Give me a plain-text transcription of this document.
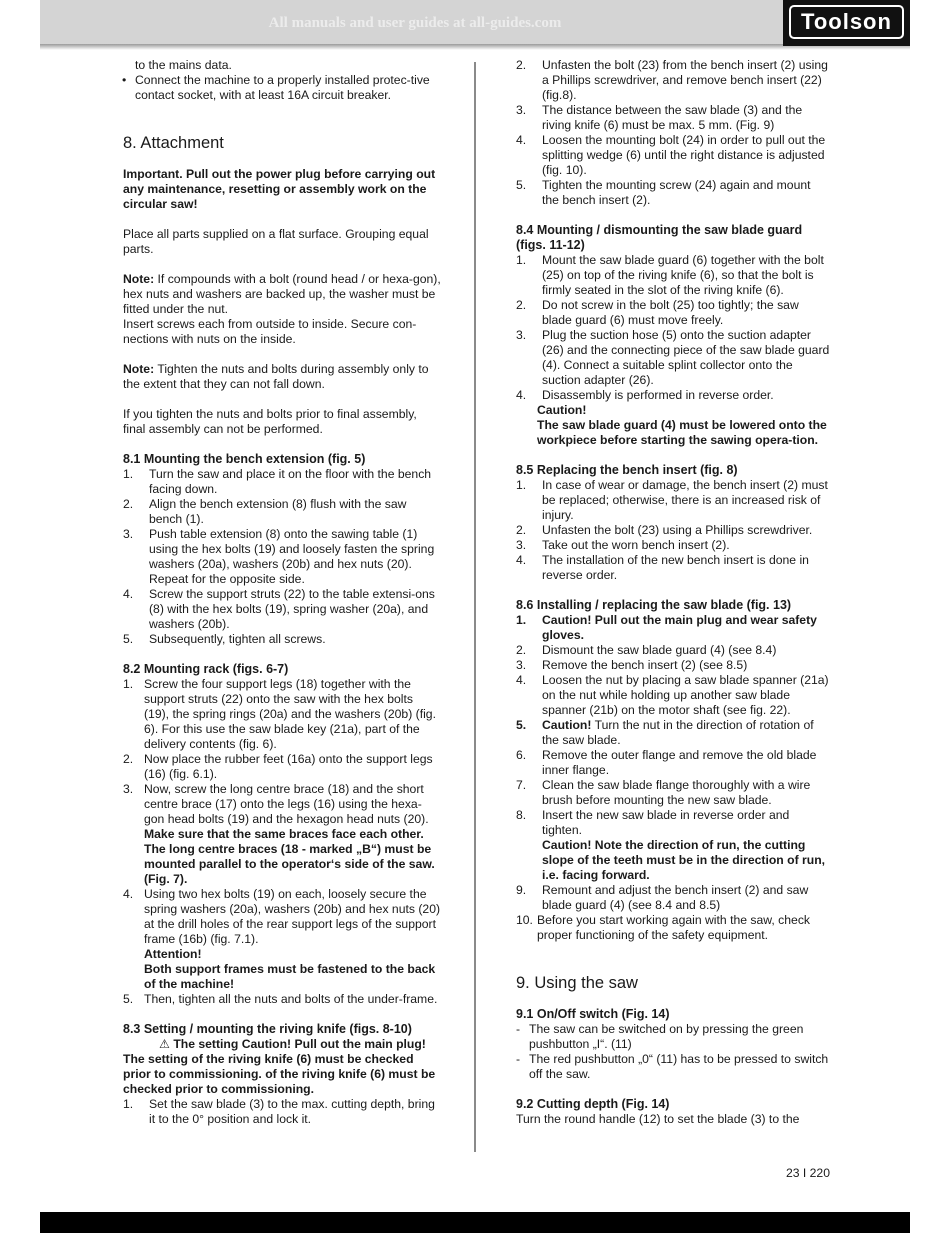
All manuals and user guides at all-guides.com	Toolson

to the mains data.

• Connect the machine to a properly installed protec-tive contact socket, with at least 16A circuit breaker.
8. Attachment

Important. Pull out the power plug before carrying out any maintenance, resetting or assembly work on the circular saw!

Place all parts supplied on a flat surface. Grouping equal parts.

Note: If compounds with a bolt (round head / or hexa-gon), hex nuts and washers are backed up, the washer must be fitted under the nut.

Insert screws each from outside to inside. Secure con-nections with nuts on the inside.

Note: Tighten the nuts and bolts during assembly only to the extent that they can not fall down.

If you tighten the nuts and bolts prior to final assembly, final assembly can not be performed.

8.1 Mounting the bench extension (fig. 5)
1. Turn the saw and place it on the floor with the bench facing down.
2. Align the bench extension (8) flush with the saw bench (1).
3. Push table extension (8) onto the sawing table (1) using the hex bolts (19) and loosely fasten the spring washers (20a), washers (20b) and hex nuts (20). Repeat for the opposite side.
4. Screw the support struts (22) to the table extensi-ons (8) with the hex bolts (19), spring washer (20a), and washers (20b).
5. Subsequently, tighten all screws.
8.2 Mounting rack (figs. 6-7)
1. Screw the four support legs (18) together with the support struts (22) onto the saw with the hex bolts (19), the spring rings (20a) and the washers (20b) (fig. 6). For this use the saw blade key (21a), part of the delivery contents (fig. 6).
2. Now place the rubber feet (16a) onto the support legs (16) (fig. 6.1).
3. Now, screw the long centre brace (18) and the short centre brace (17) onto the legs (16) using the hexa-gon head bolts (19) and the hexagon head nuts (20).
Make sure that the same braces face each other. The long centre braces (18 - marked „B“) must be mounted parallel to the operator‘s side of the saw. (Fig. 7).
4. Using two hex bolts (19) on each, loosely secure the spring washers (20a), washers (20b) and hex nuts (20) at the drill holes of the rear support legs of the support frame (16b) (fig. 7.1).
Attention!
Both support frames must be fastened to the back of the machine!
5. Then, tighten all the nuts and bolts of the under-frame.
8.3 Setting / mounting the riving knife (figs. 8-10)

⚠ The setting Caution! Pull out the main plug!

The setting of the riving knife (6) must be checked prior to commissioning. of the riving knife (6) must be checked prior to commissioning.

1. Set the saw blade (3) to the max. cutting depth, bring it to the 0° position and lock it.
2. Unfasten the bolt (23) from the bench insert (2) using a Phillips screwdriver, and remove bench insert (22) (fig.8).
3. The distance between the saw blade (3) and the riving knife (6) must be max. 5 mm. (Fig. 9)
4. Loosen the mounting bolt (24) in order to pull out the splitting wedge (6) until the right distance is adjusted (fig. 10).
5. Tighten the mounting screw (24) again and mount the bench insert (2).
8.4 Mounting / dismounting the saw blade guard (figs. 11-12)
1. Mount the saw blade guard (6) together with the bolt (25) on top of the riving knife (6), so that the bolt is firmly seated in the slot of the riving knife (6).
2. Do not screw in the bolt (25) too tightly; the saw blade guard (6) must move freely.
3. Plug the suction hose (5) onto the suction adapter (26) and the connecting piece of the saw blade guard (4). Connect a suitable splint collector onto the suction adapter (26).
4. Disassembly is performed in reverse order.

Caution!

The saw blade guard (4) must be lowered onto the workpiece before starting the sawing opera-tion.

8.5 Replacing the bench insert (fig. 8)
1. In case of wear or damage, the bench insert (2) must be replaced; otherwise, there is an increased risk of injury.
2. Unfasten the bolt (23) using a Phillips screwdriver.
3. Take out the worn bench insert (2).
4. The installation of the new bench insert is done in reverse order.
8.6 Installing / replacing the saw blade (fig. 13)
1. Caution! Pull out the main plug and wear safety gloves.
2. Dismount the saw blade guard (4) (see 8.4)
3. Remove the bench insert (2) (see 8.5)
4. Loosen the nut by placing a saw blade spanner (21a) on the nut while holding up another saw blade spanner (21b) on the motor shaft (see fig. 22).
5. Caution! Turn the nut in the direction of rotation of the saw blade.
6. Remove the outer flange and remove the old blade inner flange.
7. Clean the saw blade flange thoroughly with a wire brush before mounting the new saw blade.
8. Insert the new saw blade in reverse order and tighten.
Caution! Note the direction of run, the cutting slope of the teeth must be in the direction of run, i.e. facing forward.
9. Remount and adjust the bench insert (2) and saw blade guard (4) (see 8.4 and 8.5)
10. Before you start working again with the saw, check proper functioning of the safety equipment.
9. Using the saw
9.1 On/Off switch (Fig. 14)
- The saw can be switched on by pressing the green pushbutton „I“. (11)
- The red pushbutton „0“ (11) has to be pressed to switch off the saw.
9.2 Cutting depth (Fig. 14)

Turn the round handle (12) to set the blade (3) to the

23 I 220
